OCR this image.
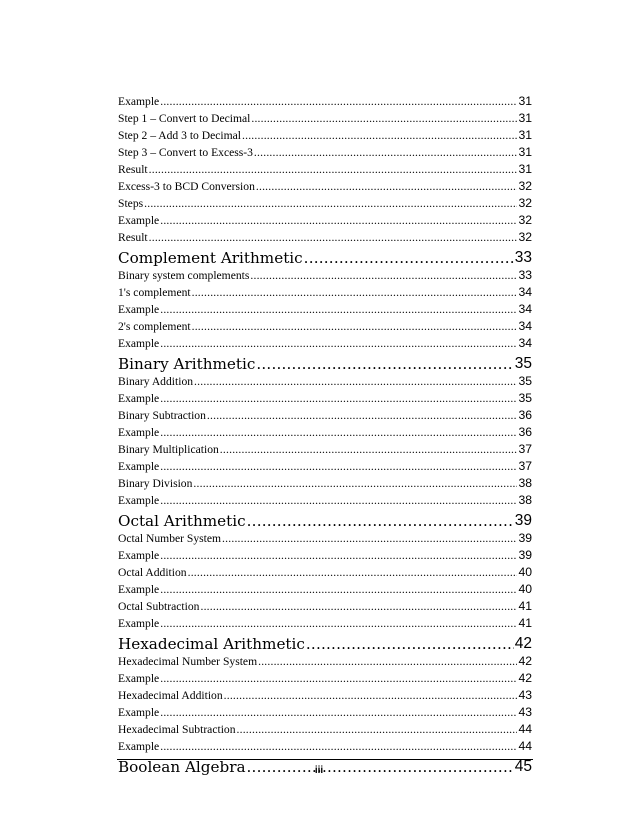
Example .....	31
Step 1 – Convert to Decimal .....	31
Step 2 – Add 3 to Decimal .....	31
Step 3 – Convert to Excess-3 .....	31
Result .....	31
Excess-3 to BCD Conversion .....	32
Steps .....	32
Example .....	32
Result .....	32
Complement Arithmetic .....	33
Binary system complements .....	33
1's complement .....	34
Example .....	34
2's complement .....	34
Example .....	34
Binary Arithmetic .....	35
Binary Addition .....	35
Example .....	35
Binary Subtraction .....	36
Example .....	36
Binary Multiplication .....	37
Example .....	37
Binary Division .....	38
Example .....	38
Octal Arithmetic .....	39
Octal Number System .....	39
Example .....	39
Octal Addition .....	40
Example .....	40
Octal Subtraction .....	41
Example .....	41
Hexadecimal Arithmetic .....	42
Hexadecimal Number System .....	42
Example .....	42
Hexadecimal Addition .....	43
Example .....	43
Hexadecimal Subtraction .....	44
Example .....	44
Boolean Algebra .....	45
iii
